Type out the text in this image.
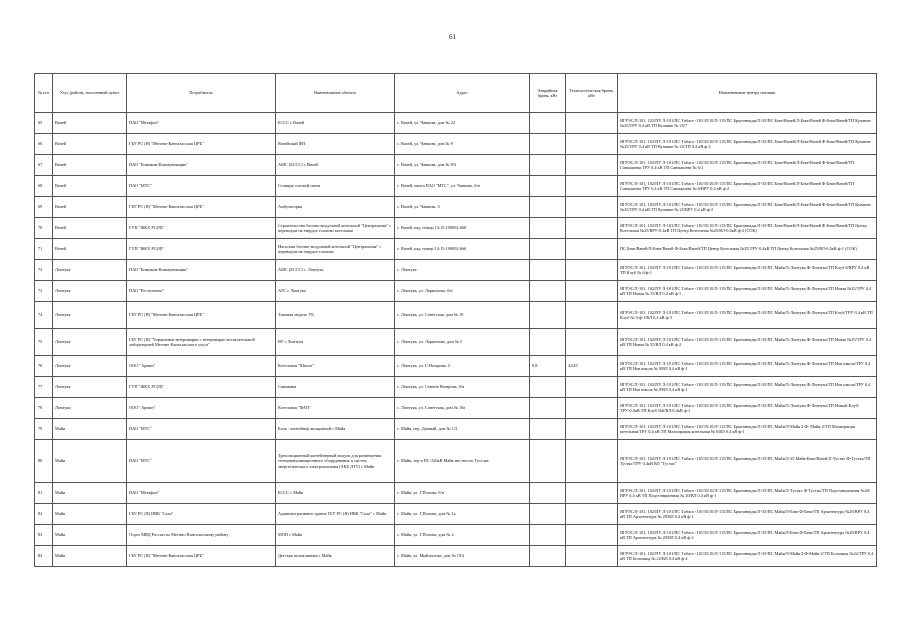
61
№ п/п	Улус (район), населенный пункт	Потребитель	Наименование объекта	Адрес	Аварийная броня, кВт	Технологическая броня, кВт	Наименование центра питания
65	Вачей	ПАО "Мегафон"	БССС с Вачей	с. Вачей, ул. Чанкова, дом № 22			ЯГРЭС/Л-101, 102/ПУ Л-101/ПС Табага -110/35/10/Л-115/ПС Брытаннадж/Л-35/ПС Беке/Вачей/Л-Беке/Вачей Ф-Беке/Вачей/ТП Купание №25/ТРУ 0,4 кВ ТП Купание № 25/7
66	Вачей	ГБУ РС (Я) "Мегино-Кангаласская ЦРБ"	Вачейский ФП	с. Вачей, ул. Чанкова, дом № 9			ЯГРЭС/Л-101, 102/ПУ Л-101/ПС Табага -110/35/10/Л-115/ПС Брытаннадж/Л-35/ПС Беке/Вачей/Л-Беке/Вачей Ф-Беке/Вачей/ТП Купание №25/ТРУ 0,4 кВ ТП Купание № 25/ТП 0,4 кВ ф-2
67	Вачей	ПАО "Бимиком-Коммуникация"	АМС (БССС) с Вачей	с. Вачей, ул. Чанкова, дом № 8/3			ЯГРЭС/Л-101, 102/ПУ Л-101/ПС Табага -110/35/10/Л-115/ПС Брытаннадж/Л-35/ПС Беке/Вачей/Л-Беке/Вачей Ф-Беке/Вачей/ТП Саюкашева ТРУ 0,4 кВ ТП Саюкашева № 6/1
68	Вачей	ПАО "МТС"	Станция сотовой связи	с. Вачей, мачта ПАО "МТС", ул. Чанкова, б/н			ЯГРЭС/Л-101, 102/ПУ Л-101/ПС Табага -110/35/10/Л-115/ПС Брытаннадж/Л-35/ПС Беке/Вачей/Л-Беке/Вачей Ф-Беке/Вачей/ТП Саюкашева ТРУ 0,4 кВ ТП Саюкашева № 6/ВРУ 0,4 кВ ф-2
69	Вачей	ГБУ РС (Я) "Мегино-Кангаласская ЦРБ"	Амбулатория	с. Вачей, ул. Чанкова, 3			ЯГРЭС/Л-101, 102/ПУ Л-101/ПС Табага -110/35/10/Л-115/ПС Брытаннадж/Л-35/ПС Беке/Вачей/Л-Беке/Вачей Ф-Беке/Вачей/ТП Купание №25/ТРУ 0,4 кВ ТП Купание № 25/ВРУ 0,4 кВ ф-2
70	Вачей	ГУП "ЖКХ РС(Я)"	Строительство блочно-модульной котельной "Центральная" с переводом на твердое топливо котельная	с. Вачей, кад. номер 14:15:190002:660			ЯГРЭС/Л-101, 102/ПУ Л-101/ПС Табага -110/35/10/Л-115/ПС Брытаннадж/Л-35/ПС Беке/Вачей/Л-Беке/Вачей Ф-Беке/Вачей/ТП Центр Котельная №25/ВРУ-0.4кВ ТП Центр Котельная №25/ВЛ-0,4кВ ф-2 (СОК)
71	Вачей	ГУП "ЖКХ РС(Я)"	Насосная блочно-модульной котельной "Центральная" с переводом на твердое топливо	с. Вачей, кад. номер 14:15:190002:666			ПС Беке/Вачей/Л-Беке/Вачей Ф-Беке/Вачей/ТП Центр Котельная №25/ТРУ-0.4кВ ТП Центр Котельная №25/ВЛ-0,4кВ ф-1 (СОК)
72	Ломтука	ПАО "Бимиком-Коммуникация"	АМС (БССС) с. Ломтука	с. Ломтука			ЯГРЭС/Л-101, 102/ПУ Л-101/ПС Табага -110/35/10/Л-115/ПС Брытаннадж/Л-35/ПС Майя/Л-Ломтука Ф-Ломтука/ТП Клуб 6/ВРУ 0,4 кВ ТП Клуб № 6/ф-1
73	Ломтука	ПАО "Ростелеком"	АТС с Ломтука	с. Ломтука, ул. Ларионова, б/н			ЯГРЭС/Л-101, 102/ПУ Л-101/ПС Табага -110/35/10/Л-115/ПС Брытаннадж/Л-35/ПС Майя/Л-Ломтука Ф-Ломтука/ТП Новая №35/ТРУ 0,4 кВ ТП Новая № 35/ВЛ 0,4 кВ ф-1
74	Ломтука	ГБУ РС (Я) "Мегино-Кангаласская ЦРБ"	Типовая модель УБ	с. Ломтука, ул. Советская, дом № 19			ЯГРЭС/Л-101, 102/ПУ Л-101/ПС Табага -110/35/10/Л-115/ПС Брытаннадж/Л-35/ПС Майя/Л-Ломтука Ф-Ломтука/ТП Клуб/ТРУ 0,4 кВ ТП Клуб № 5/ф-1/ВЛ 0,4 кВ ф-3
75	Ломтука	ГБУ РС (Я) "Управление ветеринарии с ветеринарно-испытательной лабораторией Мегино-Кангаласского улуса"	ВУ с Ломтука	с. Ломтука, ул. Ларионова, дом № 5			ЯГРЭС/Л-101, 102/ПУ Л-101/ПС Табага -110/35/10/Л-115/ПС Брытаннадж/Л-35/ПС Майя/Л-Ломтука Ф-Ломтука/ТП Новая №35/ТРУ 0,4 кВ ТП Новая № 35/ВЛ 0,4 кВ ф-2
76	Ломтука	ООО "Армин"	Котельная "Школа"	с. Ломтука, ул. С.Назарова, 5	0,8	4,625	ЯГРЭС/Л-101, 102/ПУ Л-101/ПС Табага -110/35/10/Л-115/ПС Брытаннадж/Л-35/ПС Майя/Л-Ломтука Ф-Ломтука/ТП Нов школа/ТРУ 0,4 кВ ТП Нов школа № 0/ВЛ 0,4 кВ ф-1
77	Ломтука	ГУП "ЖКХ РС(Я)"	Скважина	с. Ломтука, ул. Семена Назарова, б/н			ЯГРЭС/Л-101, 102/ПУ Л-101/ПС Табага -110/35/10/Л-115/ПС Брытаннадж/Л-35/ПС Майя/Л-Ломтука Ф-Ломтука/ТП Нов школа/ТРУ 0,4 кВ ТП Нов школа № 0/ВЛ 0,4 кВ ф-1
78	Ломтука	ООО "Армин"	Котельная "ФАП"	с. Ломтука, ул. Советская, дом № 19а			ЯГРЭС/Л-101, 102/ПУ Л-101/ПС Табага -110/35/10/Л-115/ПС Брытаннадж/Л-35/ПС Майя/Л-Ломтука Ф-Ломтука/ТП Новый Клуб/ТРУ-0,4кВ ТП Клуб №6/ВЛ-0,4кВ ф-1
79	Майя	ПАО "МТС"	Блок - контейнер аппаратной с Майя	с. Майя, пер. Данный, дом № 1/3			ЯГРЭС/Л-101, 102/ПУ Л-101/ПС Табага -110/35/10/Л-115/ПС Брытаннадж/Л-35/ПС Майя/Л-Майя 2 Ф- Майя-2/ТП Малиорация котельная/ТРУ 0,4 кВ ТП Малиорация котельная № 6/ВЛ 0,4 кВ ф-1
80	Майя	ПАО "МТС"	Трехсекционный контейнерный модуль для размещения телекоммуникационного оборудования и систем энергетического электропитания (АКБ ЛТУ) с Майя	с. Майя, тер-я ПС-220кВ Майя местность Тустэях			ЯГРЭС/Л-101, 102/ПУ Л-101/ПС Табага -110/35/10/Л-115/ПС Брытаннадж/Л-35/ПС Майя/Л-35 Майя-Беке/Вачей/Л-Тустях Ф-Тустях/ТП Тустях/ТРУ 0,4кВ ВЛ "Тустях"
81	Майя	ПАО "Мегафон"	БССС с Майя	с. Майя, ул. Г.Попова, б/н			ЯГРЭС/Л-101, 102/ПУ Л-101/ПС Табага -110/35/10/Л-115/ПС Брытаннадж/Л-35/ПС Майя/Л-Тустях Ф-Тустях/ТП Подстанционная №20/ВРУ 0,4 кВ ТП Подстанционная № 20/ВЛ 0,4 кВ ф-1
82	Майя	ГБУ РС (Я) НВК "Саха"	Административное здание ГБУ РС (Я) НВК "Саха" с Майя	с. Майя, ул. Г.Попова, дом № 1а			ЯГРЭС/Л-101, 102/ПУ Л-101/ПС Табага -110/35/10/Л-115/ПС Брытаннадж/Л-35/ПС Майя/Л-Беке Ф-Беке/ТП Архитектура №29/ВРУ 0,4 кВ ТП Архитектура № 29/ВЛ 0,4 кВ ф-1
83	Майя	Отдел МВД России по Мегино-Кангаласскому району	МОП с Майя	с. Майя, ул. Г.Попова, дом № 2			ЯГРЭС/Л-101, 102/ПУ Л-101/ПС Табага -110/35/10/Л-115/ПС Брытаннадж/Л-35/ПС Майя/Л-Беке Ф-Беке/ТП Архитектура №29/ВРУ 0,4 кВ ТП Архитектура № 29/ВЛ 0,4 кВ ф-2
84	Майя	ГБУ РС (Я) "Мегино-Кангаласская ЦРБ"	Детская поликлиника с Майя	с. Майя, ул. Мыйтылова, дом № 19/2			ЯГРЭС/Л-101, 102/ПУ Л-101/ПС Табага -110/35/10/Л-115/ПС Брытаннадж/Л-35/ПС Майя/Л-Майя 2 Ф-Майя-2/ТП Больница №22/ТРУ 0,4 кВ ТП Больница № 22/ВЛ 0,4 кВ ф-2
